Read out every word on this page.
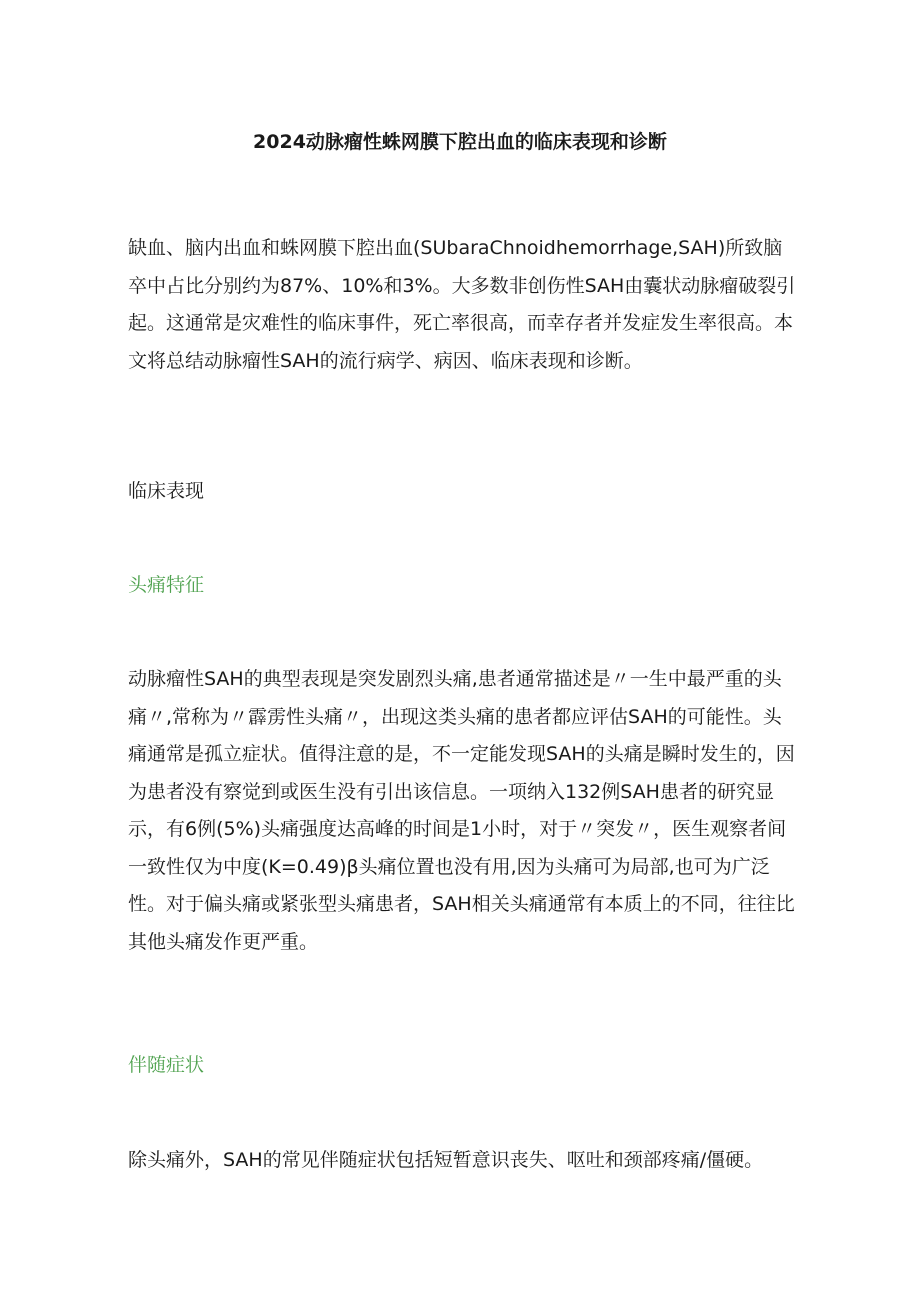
2024动脉瘤性蛛网膜下腔出血的临床表现和诊断

缺血、脑内出血和蛛网膜下腔出血(SUbaraChnoidhemorrhage,SAH)所致脑卒中占比分别约为87%、10%和3%。大多数非创伤性SAH由囊状动脉瘤破裂引起。这通常是灾难性的临床事件，死亡率很高，而幸存者并发症发生率很高。本文将总结动脉瘤性SAH的流行病学、病因、临床表现和诊断。

临床表现
头痛特征

动脉瘤性SAH的典型表现是突发剧烈头痛,患者通常描述是〃一生中最严重的头痛〃,常称为〃霹雳性头痛〃，出现这类头痛的患者都应评估SAH的可能性。头痛通常是孤立症状。值得注意的是，不一定能发现SAH的头痛是瞬时发生的，因为患者没有察觉到或医生没有引出该信息。一项纳入132例SAH患者的研究显示，有6例(5%)头痛强度达高峰的时间是1小时，对于〃突发〃，医生观察者间一致性仅为中度(K=0.49)β头痛位置也没有用,因为头痛可为局部,也可为广泛性。对于偏头痛或紧张型头痛患者，SAH相关头痛通常有本质上的不同，往往比其他头痛发作更严重。

伴随症状

除头痛外，SAH的常见伴随症状包括短暂意识丧失、呕吐和颈部疼痛/僵硬。
